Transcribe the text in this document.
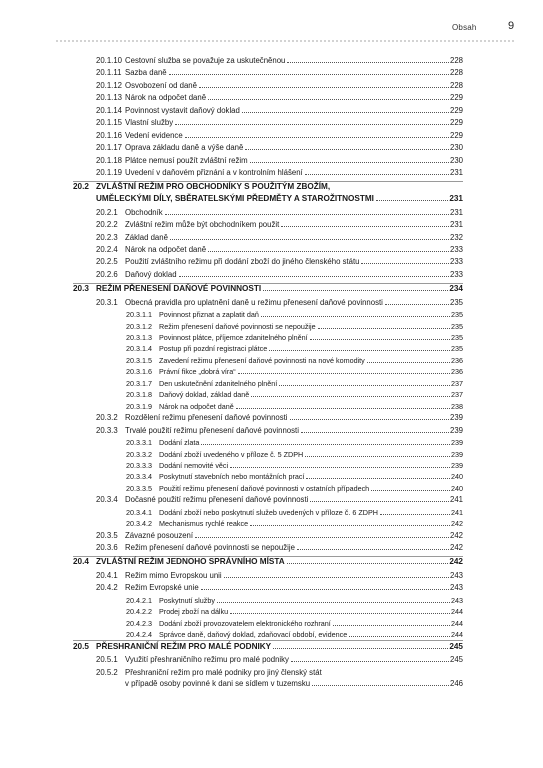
Obsah	9
20.1.10 Cestovní služba se považuje za uskutečněnou	228
20.1.11 Sazba daně	228
20.1.12 Osvobození od daně	228
20.1.13 Nárok na odpočet daně	229
20.1.14 Povinnost vystavit daňový doklad	229
20.1.15 Vlastní služby	229
20.1.16 Vedení evidence	229
20.1.17 Oprava základu daně a výše daně	230
20.1.18 Plátce nemusí použít zvláštní režim	230
20.1.19 Uvedení v daňovém přiznání a v kontrolním hlášení	231
20.2 ZVLÁŠTNÍ REŽIM PRO OBCHODNÍKY S POUŽITÝM ZBOŽÍM,
UMĚLECKÝMI DÍLY, SBĚRATELSKÝMI PŘEDMĚTY A STAROŽITNOSTMI	231
20.2.1 Obchodník	231
20.2.2 Zvláštní režim může být obchodníkem použit	231
20.2.3 Základ daně	232
20.2.4 Nárok na odpočet daně	233
20.2.5 Použití zvláštního režimu při dodání zboží do jiného členského státu	233
20.2.6 Daňový doklad	233
20.3 REŽIM PŘENESENÍ DAŇOVÉ POVINNOSTI	234
20.3.1 Obecná pravidla pro uplatnění daně u režimu přenesení daňové povinnosti	235
20.3.1.1 Povinnost přiznat a zaplatit daň	235
20.3.1.2 Režim přenesení daňové povinnosti se nepoužije	235
20.3.1.3 Povinnost plátce, příjemce zdanitelného plnění	235
20.3.1.4 Postup při pozdní registraci plátce	235
20.3.1.5 Zavedení režimu přenesení daňové povinnosti na nové komodity	236
20.3.1.6 Právní fikce „dobrá víra“	236
20.3.1.7 Den uskutečnění zdanitelného plnění	237
20.3.1.8 Daňový doklad, základ daně	237
20.3.1.9 Nárok na odpočet daně	238
20.3.2 Rozdělení režimu přenesení daňové povinnosti	239
20.3.3 Trvalé použití režimu přenesení daňové povinnosti	239
20.3.3.1 Dodání zlata	239
20.3.3.2 Dodání zboží uvedeného v příloze č. 5 ZDPH	239
20.3.3.3 Dodání nemovité věci	239
20.3.3.4 Poskytnutí stavebních nebo montážních prací	240
20.3.3.5 Použití režimu přenesení daňové povinnosti v ostatních případech	240
20.3.4 Dočasné použití režimu přenesení daňové povinnosti	241
20.3.4.1 Dodání zboží nebo poskytnutí služeb uvedených v příloze č. 6 ZDPH	241
20.3.4.2 Mechanismus rychlé reakce	242
20.3.5 Závazné posouzení	242
20.3.6 Režim přenesení daňové povinnosti se nepoužije	242
20.4 ZVLÁŠTNÍ REŽIM JEDNOHO SPRÁVNÍHO MÍSTA	242
20.4.1 Režim mimo Evropskou unii	243
20.4.2 Režim Evropské unie	243
20.4.2.1 Poskytnutí služby	243
20.4.2.2 Prodej zboží na dálku	244
20.4.2.3 Dodání zboží provozovatelem elektronického rozhraní	244
20.4.2.4 Správce daně, daňový doklad, zdaňovací období, evidence	244
20.5 PŘESHRANIČNÍ REŽIM PRO MALÉ PODNIKY	245
20.5.1 Využití přeshraničního režimu pro malé podniky	245
20.5.2 Přeshraniční režim pro malé podniky pro jiný členský stát
v případě osoby povinné k dani se sídlem v tuzemsku	246
